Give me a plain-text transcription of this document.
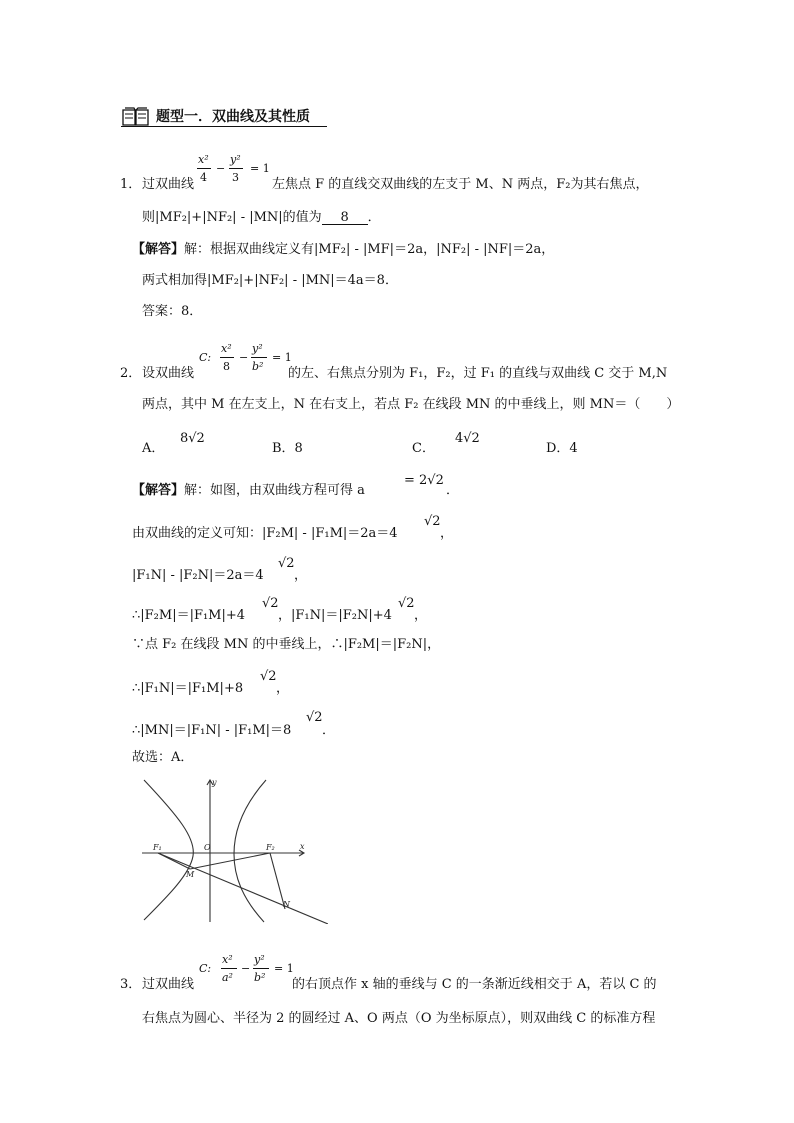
题型一．双曲线及其性质
1． 过双曲线
x²
4
−
y²
3
= 1
左焦点 F 的直线交双曲线的左支于 M、N 两点，F₂为其右焦点，
则|MF₂|+|NF₂| - |MN|的值为 8 ．
【解答】解：根据双曲线定义有|MF₂| - |MF|＝2a，|NF₂| - |NF|＝2a，
两式相加得|MF₂|+|NF₂| - |MN|＝4a＝8．
答案：8．
2． 设双曲线
C:
x²
8
−
y²
b²
= 1
的左、右焦点分别为 F₁，F₂，过 F₁ 的直线与双曲线 C 交于 M,N
两点，其中 M 在左支上，N 在右支上，若点 F₂ 在线段 MN 的中垂线上，则 MN＝（　　）
A．
8√2
B．8	C．
4√2
D．4
【解答】解：如图，由双曲线方程可得 a
= 2√2
．
由双曲线的定义可知：|F₂M| - |F₁M|＝2a＝4
√2
，
|F₁N| - |F₂N|＝2a＝4
√2
，
∴|F₂M|＝|F₁M|+4
√2
，|F₁N|＝|F₂N|+4
√2
，
∵点 F₂ 在线段 MN 的中垂线上，∴|F₂M|＝|F₂N|，
∴|F₁N|＝|F₁M|+8
√2
，
∴|MN|＝|F₁N| - |F₁M|＝8
√2
．
故选：A．
y
x
O
F₁	F₂
M
N
3． 过双曲线
C:
x²
a²
−
y²
b²
= 1
的右顶点作 x 轴的垂线与 C 的一条渐近线相交于 A，若以 C 的
右焦点为圆心、半径为 2 的圆经过 A、O 两点（O 为坐标原点），则双曲线 C 的标准方程
